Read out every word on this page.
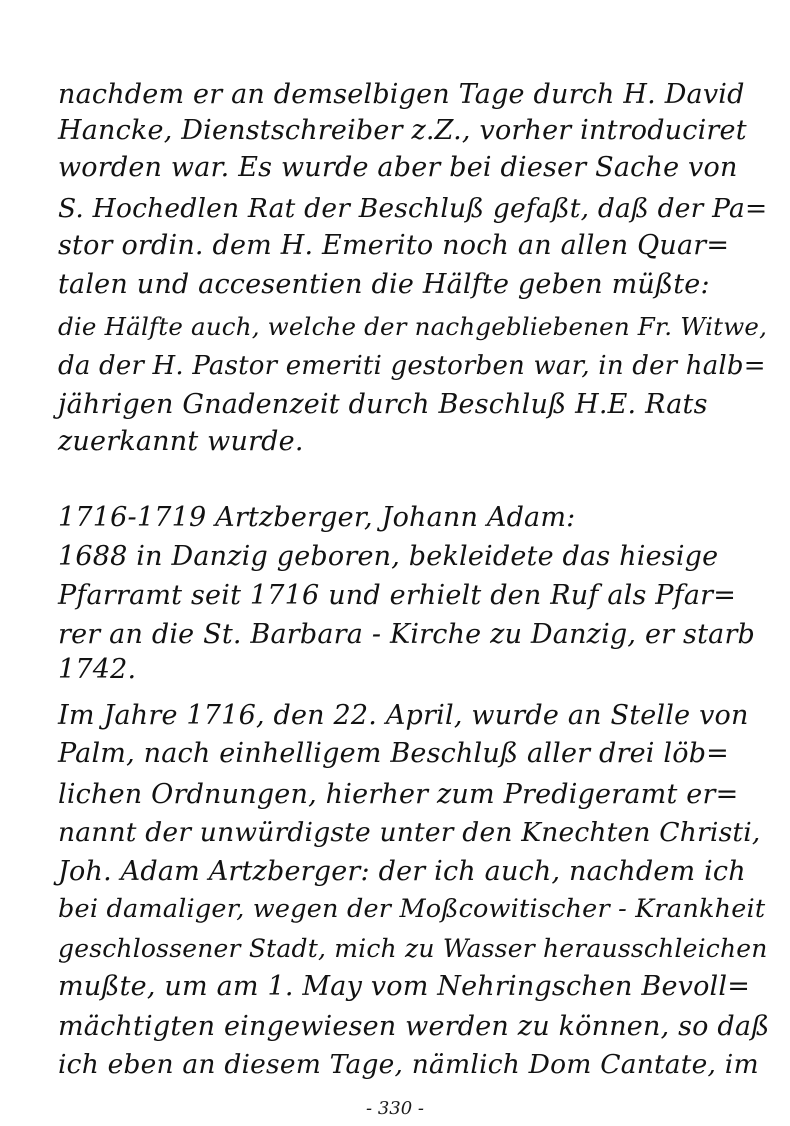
nachdem er an demselbigen Tage durch H. David
Hancke, Dienstschreiber z.Z., vorher introduciret
worden war. Es wurde aber bei dieser Sache von
S. Hochedlen Rat der Beschluß gefaßt, daß der Pa=
stor ordin. dem H. Emerito noch an allen Quar=
talen und accesentien die Hälfte geben müßte:
die Hälfte auch, welche der nachgebliebenen Fr. Witwe,
da der H. Pastor emeriti gestorben war, in der halb=
jährigen Gnadenzeit durch Beschluß H.E. Rats
zuerkannt wurde.
1716-1719 Artzberger, Johann Adam:
1688 in Danzig geboren, bekleidete das hiesige
Pfarramt seit 1716 und erhielt den Ruf als Pfar=
rer an die St. Barbara - Kirche zu Danzig, er starb
1742.
Im Jahre 1716, den 22. April, wurde an Stelle von
Palm, nach einhelligem Beschluß aller drei löb=
lichen Ordnungen, hierher zum Predigeramt er=
nannt der unwürdigste unter den Knechten Christi,
Joh. Adam Artzberger: der ich auch, nachdem ich
bei damaliger, wegen der Moßcowitischer - Krankheit
geschlossener Stadt, mich zu Wasser herausschleichen
mußte, um am 1. May vom Nehringschen Bevoll=
mächtigten eingewiesen werden zu können, so daß
ich eben an diesem Tage, nämlich Dom Cantate, im
- 330 -
